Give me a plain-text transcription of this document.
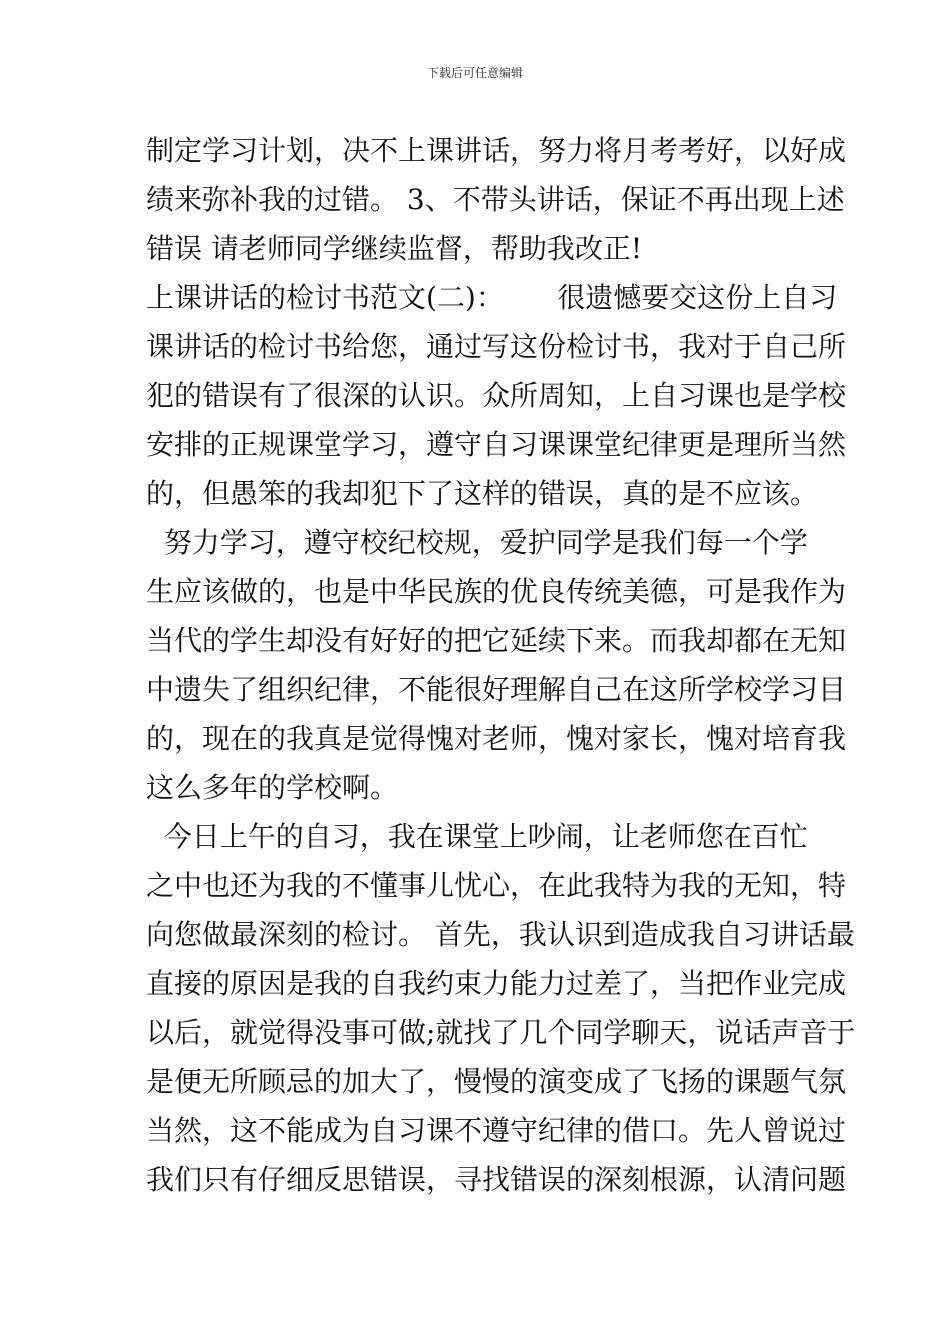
下载后可任意编辑
制定学习计划，决不上课讲话，努力将月考考好，以好成
绩来弥补我的过错。 3、不带头讲话，保证不再出现上述
错误 请老师同学继续监督，帮助我改正!
上课讲话的检讨书范文(二)：      很遗憾要交这份上自习
课讲话的检讨书给您，通过写这份检讨书，我对于自己所
犯的错误有了很深的认识。众所周知，上自习课也是学校
安排的正规课堂学习，遵守自习课课堂纪律更是理所当然
的，但愚笨的我却犯下了这样的错误，真的是不应该。
努力学习，遵守校纪校规，爱护同学是我们每一个学
生应该做的，也是中华民族的优良传统美德，可是我作为
当代的学生却没有好好的把它延续下来。而我却都在无知
中遗失了组织纪律，不能很好理解自己在这所学校学习目
的，现在的我真是觉得愧对老师，愧对家长，愧对培育我
这么多年的学校啊。
今日上午的自习，我在课堂上吵闹，让老师您在百忙
之中也还为我的不懂事儿忧心，在此我特为我的无知，特
向您做最深刻的检讨。 首先，我认识到造成我自习讲话最
直接的原因是我的自我约束力能力过差了，当把作业完成
以后，就觉得没事可做;就找了几个同学聊天，说话声音于
是便无所顾忌的加大了，慢慢的演变成了飞扬的课题气氛
当然，这不能成为自习课不遵守纪律的借口。先人曾说过
我们只有仔细反思错误，寻找错误的深刻根源，认清问题
